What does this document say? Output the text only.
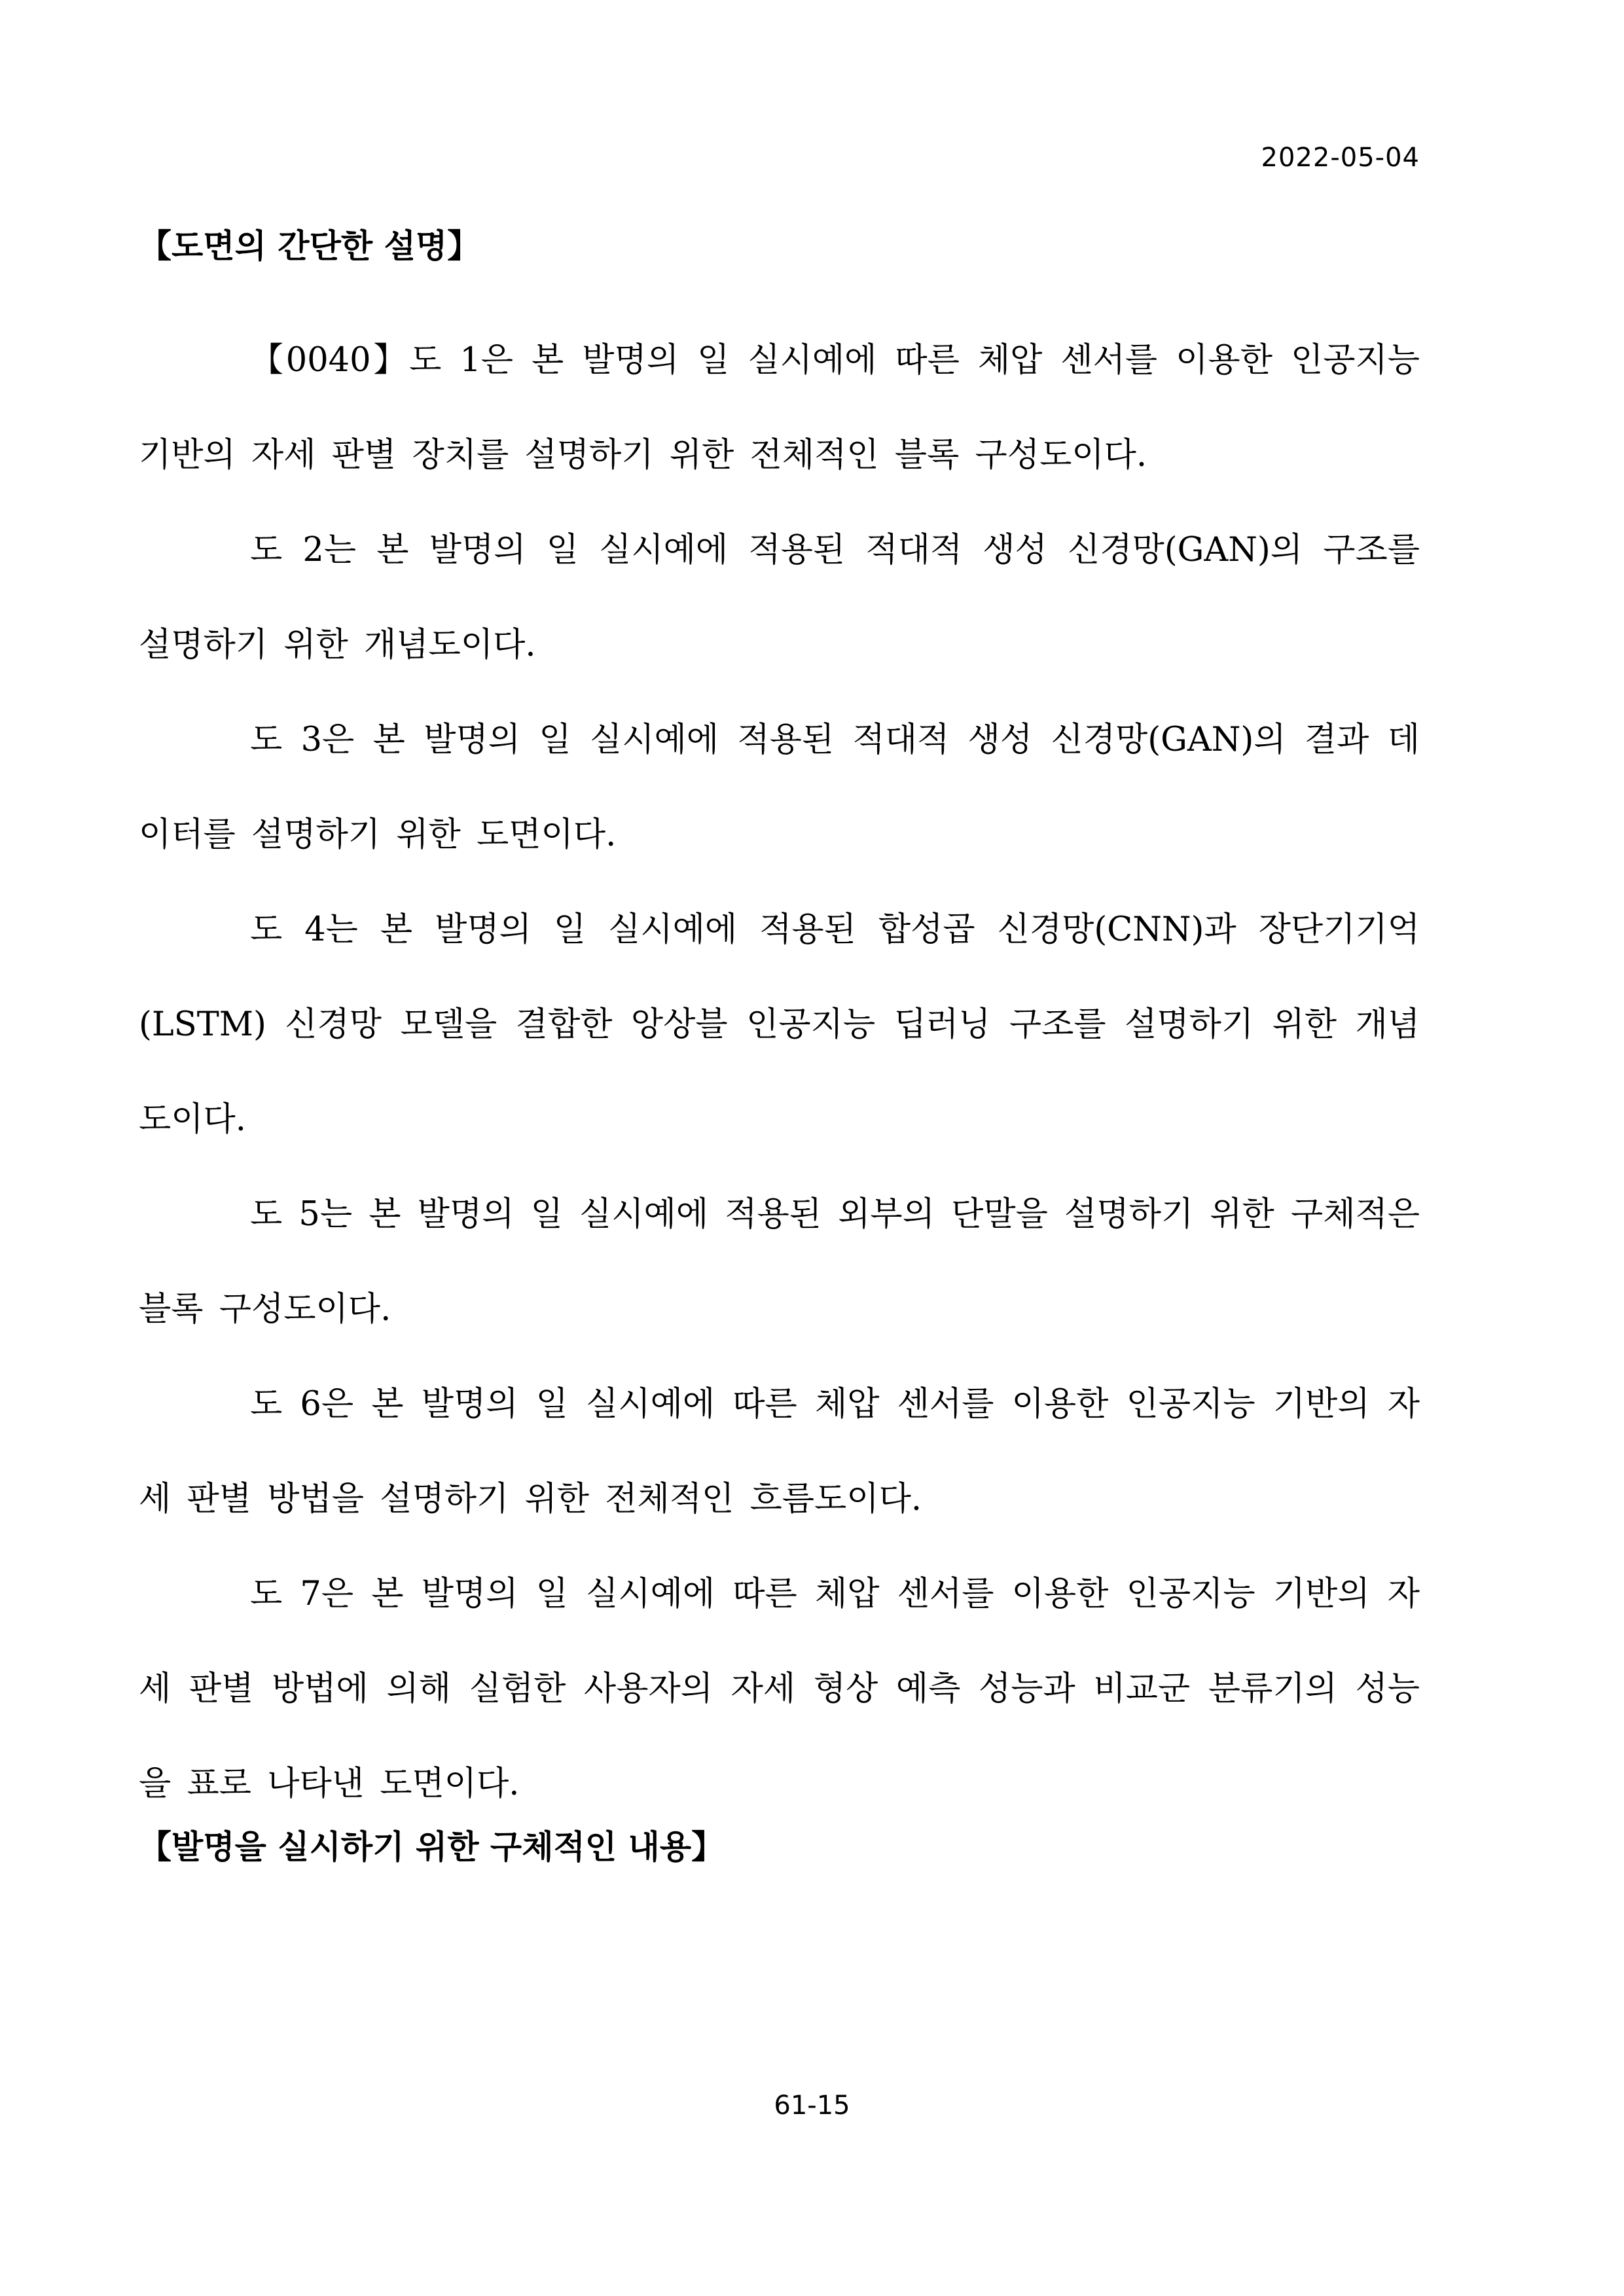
2022-05-04
【도면의 간단한 설명】

【0040】도 1은 본 발명의 일 실시예에 따른 체압 센서를 이용한 인공지능 기반의 자세 판별 장치를 설명하기 위한 전체적인 블록 구성도이다.

도 2는 본 발명의 일 실시예에 적용된 적대적 생성 신경망(GAN)의 구조를 설명하기 위한 개념도이다.

도 3은 본 발명의 일 실시예에 적용된 적대적 생성 신경망(GAN)의 결과 데이터를 설명하기 위한 도면이다.

도 4는 본 발명의 일 실시예에 적용된 합성곱 신경망(CNN)과 장단기기억(LSTM) 신경망 모델을 결합한 앙상블 인공지능 딥러닝 구조를 설명하기 위한 개념도이다.

도 5는 본 발명의 일 실시예에 적용된 외부의 단말을 설명하기 위한 구체적은 블록 구성도이다.

도 6은 본 발명의 일 실시예에 따른 체압 센서를 이용한 인공지능 기반의 자세 판별 방법을 설명하기 위한 전체적인 흐름도이다.

도 7은 본 발명의 일 실시예에 따른 체압 센서를 이용한 인공지능 기반의 자세 판별 방법에 의해 실험한 사용자의 자세 형상 예측 성능과 비교군 분류기의 성능을 표로 나타낸 도면이다.

【발명을 실시하기 위한 구체적인 내용】
61-15
